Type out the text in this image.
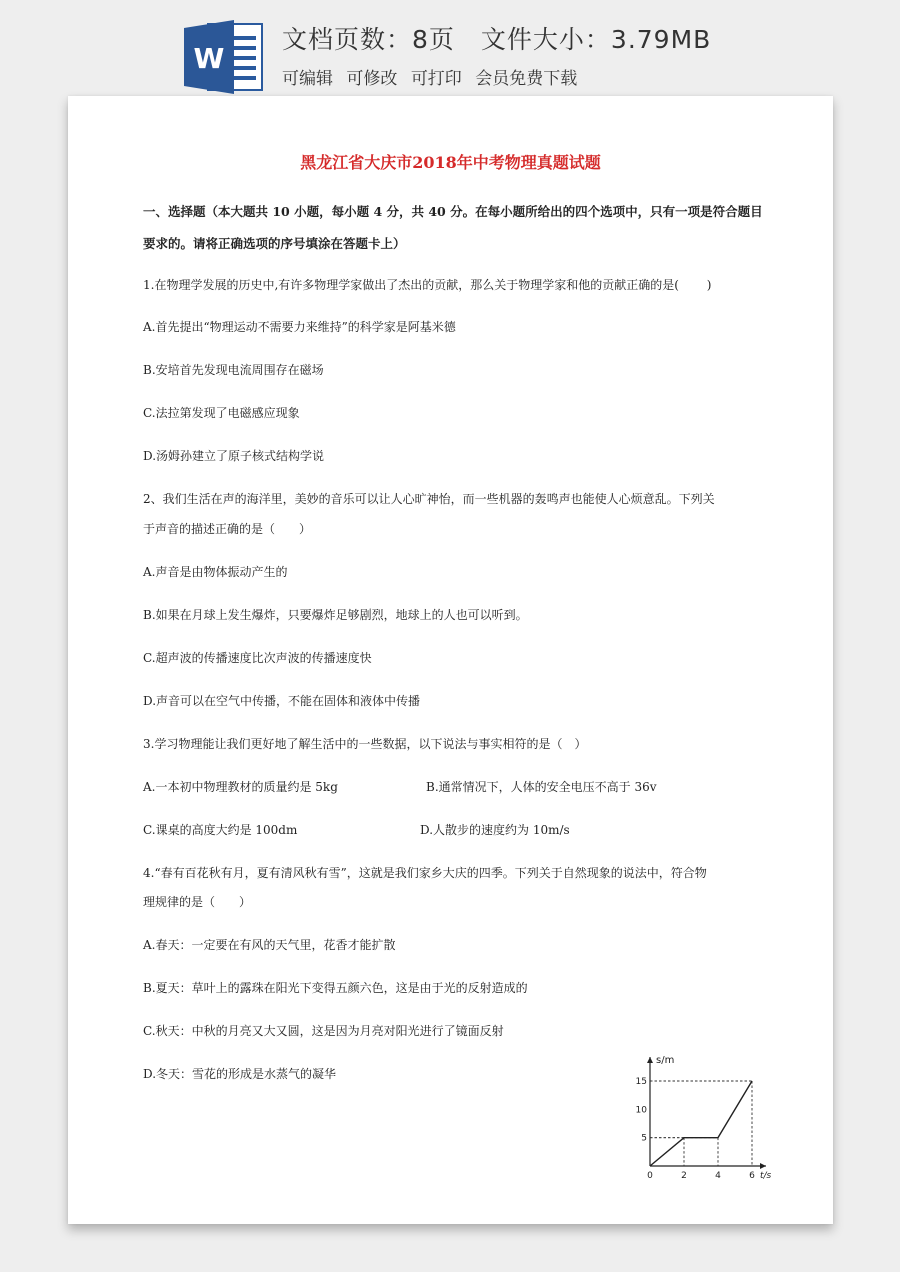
W
文档页数：8页 文件大小：3.79MB
可编辑 可修改 可打印 会员免费下载
黑龙江省大庆市2018年中考物理真题试题
一、选择题（本大题共 10 小题，每小题 4 分，共 40 分。在每小题所给出的四个选项中，只有一项是符合题目
要求的。请将正确选项的序号填涂在答题卡上）
1.在物理学发展的历史中,有许多物理学家做出了杰出的贡献，那么关于物理学家和他的贡献正确的是(　　 )
A.首先提出“物理运动不需要力来维持”的科学家是阿基米德
B.安培首先发现电流周围存在磁场
C.法拉第发现了电磁感应现象
D.汤姆孙建立了原子核式结构学说
2、我们生活在声的海洋里，美妙的音乐可以让人心旷神怡，而一些机器的轰鸣声也能使人心烦意乱。下列关
于声音的描述正确的是（　　）
A.声音是由物体振动产生的
B.如果在月球上发生爆炸，只要爆炸足够剧烈，地球上的人也可以听到。
C.超声波的传播速度比次声波的传播速度快
D.声音可以在空气中传播，不能在固体和液体中传播
3.学习物理能让我们更好地了解生活中的一些数据，以下说法与事实相符的是（　）
A.一本初中物理教材的质量约是 5kg	B.通常情况下，人体的安全电压不高于 36v
C.课桌的高度大约是 100dm	D.人散步的速度约为 10m/s
4.“春有百花秋有月，夏有清风秋有雪”，这就是我们家乡大庆的四季。下列关于自然现象的说法中，符合物
理规律的是（　　）
A.春天：一定要在有风的天气里，花香才能扩散
B.夏天：草叶上的露珠在阳光下变得五颜六色，这是由于光的反射造成的
C.秋天：中秋的月亮又大又圆，这是因为月亮对阳光进行了镜面反射
D.冬天：雪花的形成是水蒸气的凝华
s/m
t/s
0	2	4	6
5
10
15
